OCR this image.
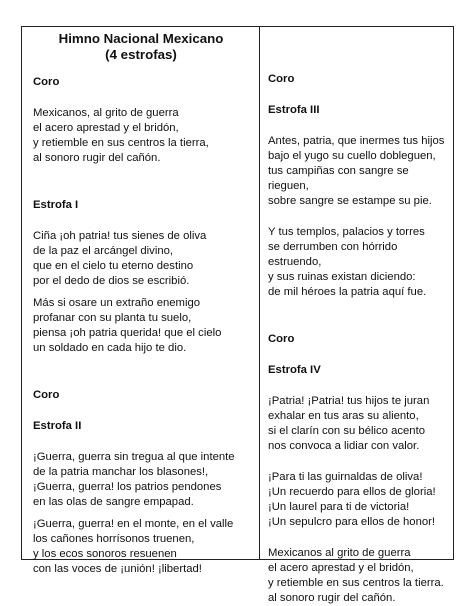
Himno Nacional Mexicano
(4 estrofas)

Coro

Mexicanos, al grito de guerra
el acero aprestad y el bridón,
y retiemble en sus centros la tierra,
al sonoro rugir del cañón.

Estrofa I

Ciña ¡oh patria! tus sienes de oliva
de la paz el arcángel divino,
que en el cielo tu eterno destino
por el dedo de dios se escribió.

Más si osare un extraño enemigo
profanar con su planta tu suelo,
piensa ¡oh patria querida! que el cielo
un soldado en cada hijo te dio.

Coro

Estrofa II

¡Guerra, guerra sin tregua al que intente
de la patria manchar los blasones!,
¡Guerra, guerra! los patrios pendones
en las olas de sangre empapad.

¡Guerra, guerra! en el monte, en el valle
los cañones horrísonos truenen,
y los ecos sonoros resuenen
con las voces de ¡unión! ¡libertad!

Coro

Estrofa III

Antes, patria, que inermes tus hijos
bajo el yugo su cuello dobleguen,
tus campiñas con sangre se rieguen,
sobre sangre se estampe su pie.

Y tus templos, palacios y torres
se derrumben con hórrido estruendo,
y sus ruinas existan diciendo:
de mil héroes la patria aquí fue.

Coro

Estrofa IV

¡Patria! ¡Patria! tus hijos te juran
exhalar en tus aras su aliento,
si el clarín con su bélico acento
nos convoca a lidiar con valor.

¡Para ti las guirnaldas de oliva!
¡Un recuerdo para ellos de gloria!
¡Un laurel para ti de victoria!
¡Un sepulcro para ellos de honor!

Mexicanos al grito de guerra
el acero aprestad y el bridón,
y retiemble en sus centros la tierra.
al sonoro rugir del cañón.
